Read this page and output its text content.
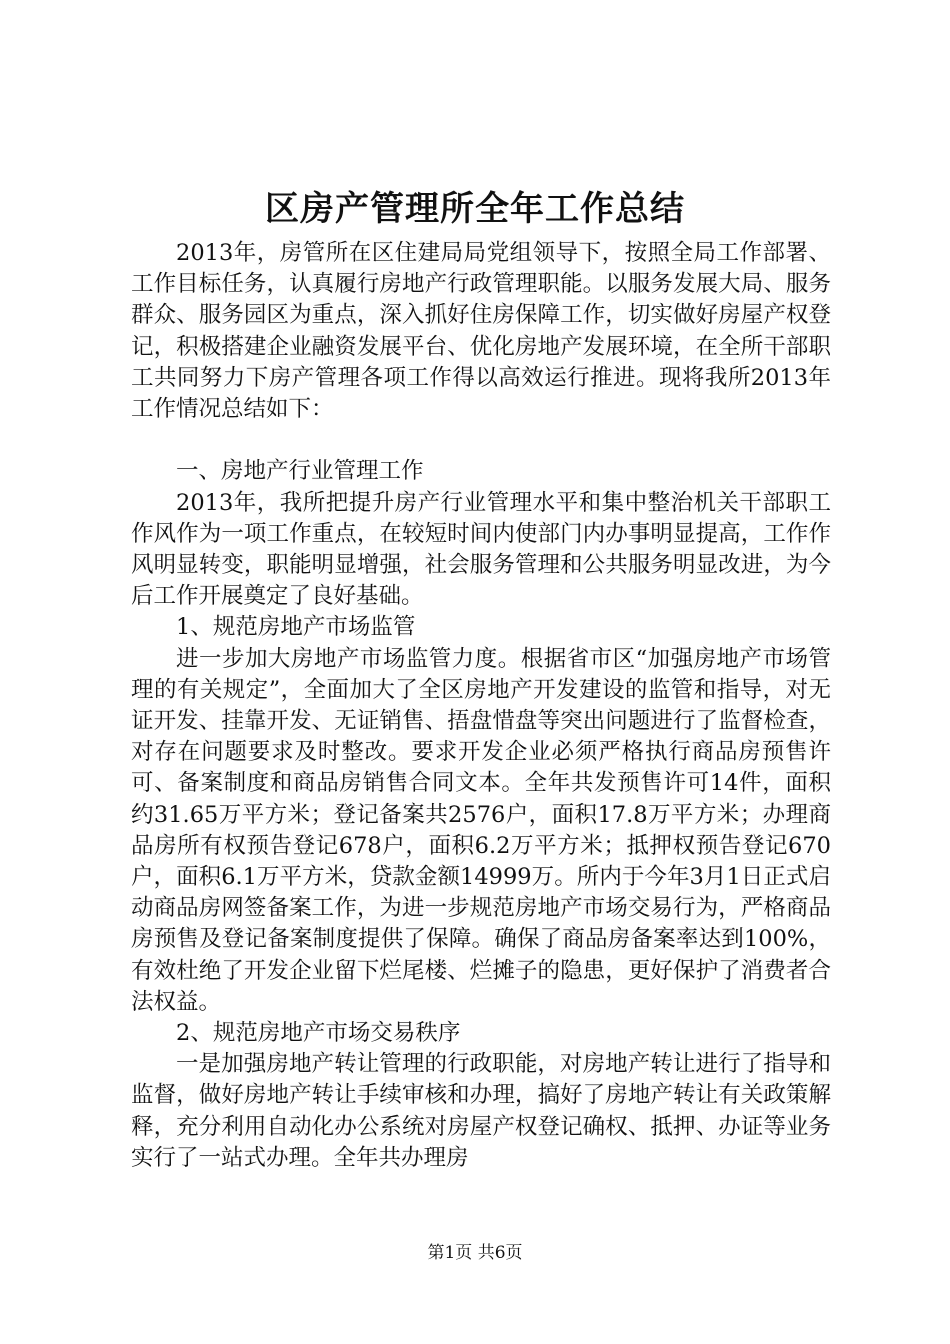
区房产管理所全年工作总结

2013年，房管所在区住建局局党组领导下，按照全局工作部署、工作目标任务，认真履行房地产行政管理职能。以服务发展大局、服务群众、服务园区为重点，深入抓好住房保障工作，切实做好房屋产权登记，积极搭建企业融资发展平台、优化房地产发展环境，在全所干部职工共同努力下房产管理各项工作得以高效运行推进。现将我所2013年工作情况总结如下：

一、房地产行业管理工作

2013年，我所把提升房产行业管理水平和集中整治机关干部职工作风作为一项工作重点，在较短时间内使部门内办事明显提高，工作作风明显转变，职能明显增强，社会服务管理和公共服务明显改进，为今后工作开展奠定了良好基础。

1、规范房地产市场监管

进一步加大房地产市场监管力度。根据省市区“加强房地产市场管理的有关规定”，全面加大了全区房地产开发建设的监管和指导，对无证开发、挂靠开发、无证销售、捂盘惜盘等突出问题进行了监督检查，对存在问题要求及时整改。要求开发企业必须严格执行商品房预售许可、备案制度和商品房销售合同文本。全年共发预售许可14件，面积约31.65万平方米；登记备案共2576户，面积17.8万平方米；办理商品房所有权预告登记678户，面积6.2万平方米；抵押权预告登记670户，面积6.1万平方米，贷款金额14999万。所内于今年3月1日正式启动商品房网签备案工作，为进一步规范房地产市场交易行为，严格商品房预售及登记备案制度提供了保障。确保了商品房备案率达到100%，有效杜绝了开发企业留下烂尾楼、烂摊子的隐患，更好保护了消费者合法权益。

2、规范房地产市场交易秩序

一是加强房地产转让管理的行政职能，对房地产转让进行了指导和监督，做好房地产转让手续审核和办理，搞好了房地产转让有关政策解释，充分利用自动化办公系统对房屋产权登记确权、抵押、办证等业务实行了一站式办理。全年共办理房

第1页 共6页
